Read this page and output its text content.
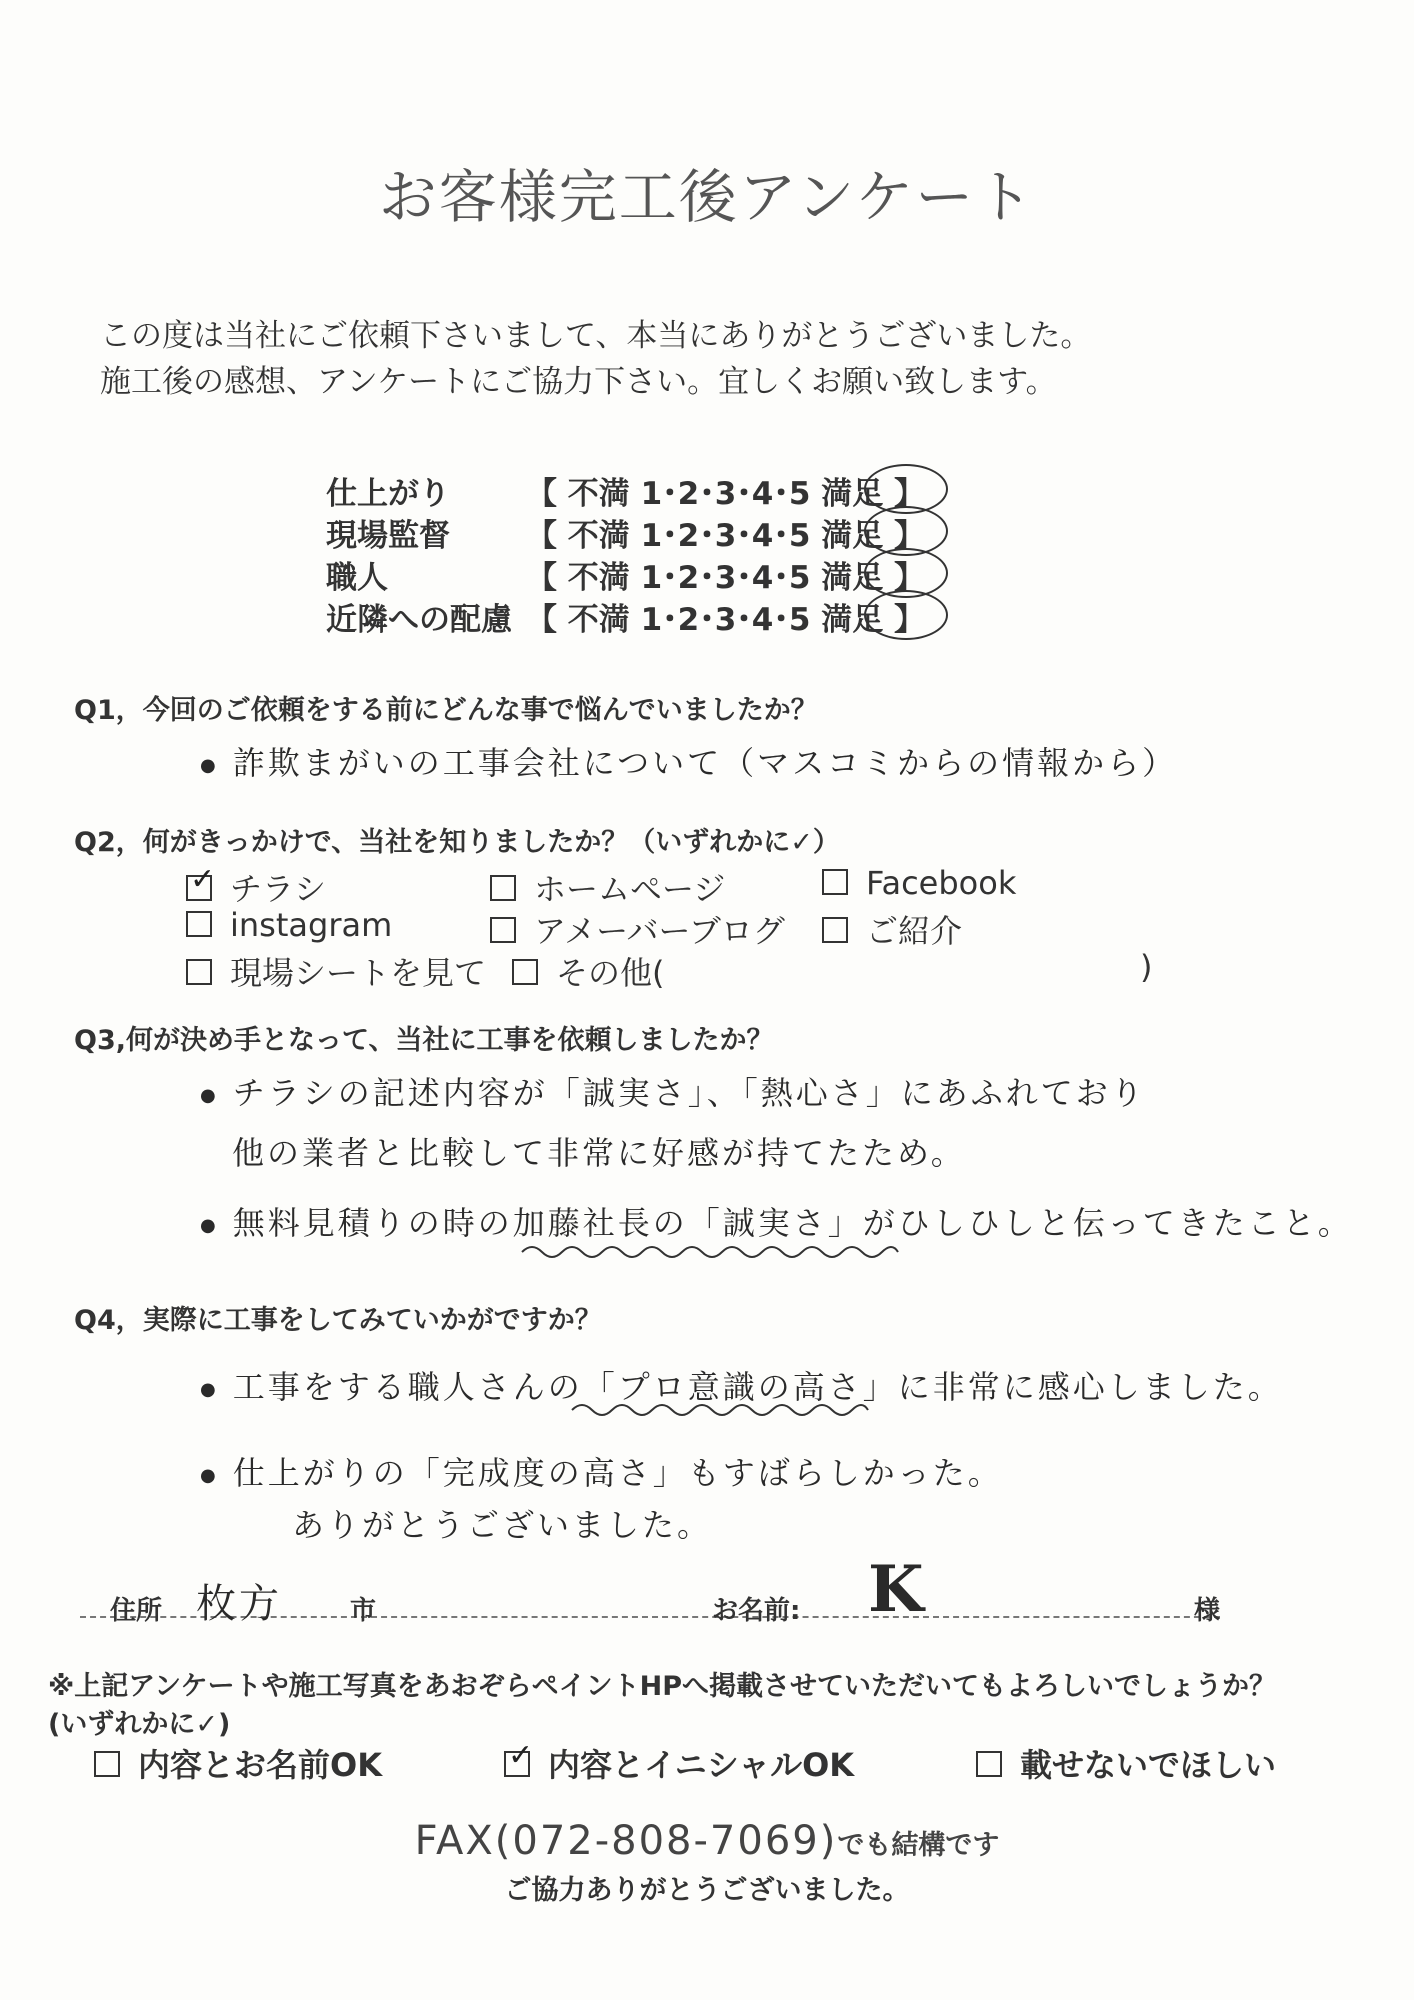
お客様完工後アンケート
この度は当社にご依頼下さいまして、本当にありがとうございました。
施工後の感想、アンケートにご協力下さい。宜しくお願い致します。
仕上がり 【 不満 1･2･3･4･5 満足 】
現場監督 【 不満 1･2･3･4･5 満足 】
職人	【 不満 1･2･3･4･5 満足 】
近隣への配慮 【 不満 1･2･3･4･5 満足 】
Q1，今回のご依頼をする前にどんな事で悩んでいましたか？
● 詐欺まがいの工事会社について（マスコミからの情報から）
Q2，何がきっかけで、当社を知りましたか？（いずれかに✓）
✓ チラシ	ホームページ	Facebook
instagram	アメーバーブログ	ご紹介
現場シートを見て	その他(	)
Q3,何が決め手となって、当社に工事を依頼しましたか？
● チラシの記述内容が「誠実さ」、「熱心さ」にあふれており
他の業者と比較して非常に好感が持てたため。
● 無料見積りの時の加藤社長の「誠実さ」がひしひしと伝ってきたこと。
Q4，実際に工事をしてみていかがですか？
● 工事をする職人さんの「プロ意識の高さ」に非常に感心しました。
● 仕上がりの「完成度の高さ」もすばらしかった。
ありがとうございました。
住所 枚方	市	お名前: K	様
※上記アンケートや施工写真をあおぞらペイントHPへ掲載させていただいてもよろしいでしょうか？
(いずれかに✓)
内容とお名前OK	✓ 内容とイニシャルOK	載せないでほしい
FAX(072-808-7069)でも結構です
ご協力ありがとうございました。
